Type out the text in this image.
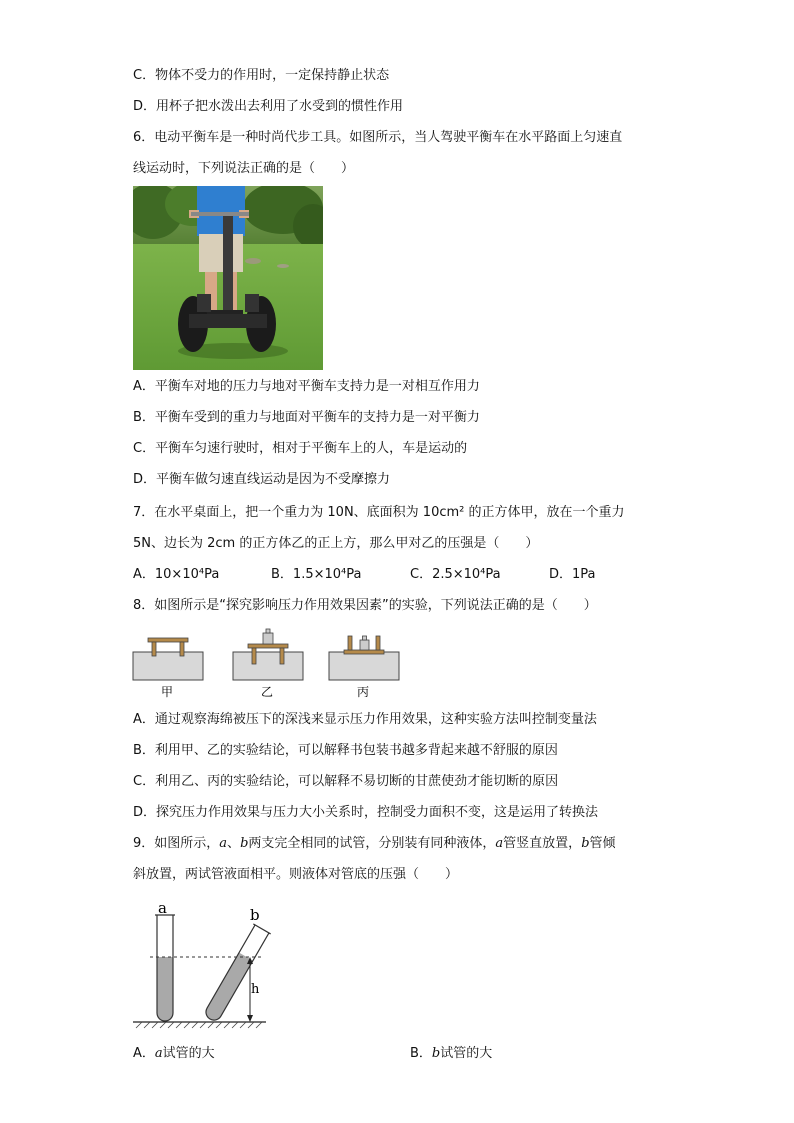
C．物体不受力的作用时，一定保持静止状态
D．用杯子把水泼出去利用了水受到的惯性作用
6．电动平衡车是一种时尚代步工具。如图所示，当人驾驶平衡车在水平路面上匀速直
线运动时，下列说法正确的是（　　）
A．平衡车对地的压力与地对平衡车支持力是一对相互作用力
B．平衡车受到的重力与地面对平衡车的支持力是一对平衡力
C．平衡车匀速行驶时，相对于平衡车上的人，车是运动的
D．平衡车做匀速直线运动是因为不受摩擦力
7．在水平桌面上，把一个重力为 10N、底面积为 10cm² 的正方体甲，放在一个重力
5N、边长为 2cm 的正方体乙的正上方，那么甲对乙的压强是（　　）
A．10×10⁴Pa	B．1.5×10⁴Pa	C．2.5×10⁴Pa	D．1Pa
8．如图所示是“探究影响压力作用效果因素”的实验，下列说法正确的是（　　）
甲	乙	丙
A．通过观察海绵被压下的深浅来显示压力作用效果，这种实验方法叫控制变量法
B．利用甲、乙的实验结论，可以解释书包装书越多背起来越不舒服的原因
C．利用乙、丙的实验结论，可以解释不易切断的甘蔗使劲才能切断的原因
D．探究压力作用效果与压力大小关系时，控制受力面积不变，这是运用了转换法
9．如图所示，a、b两支完全相同的试管，分别装有同种液体，a管竖直放置，b管倾
斜放置，两试管液面相平。则液体对管底的压强（　　）
a	b
h
A．a试管的大	B．b试管的大
